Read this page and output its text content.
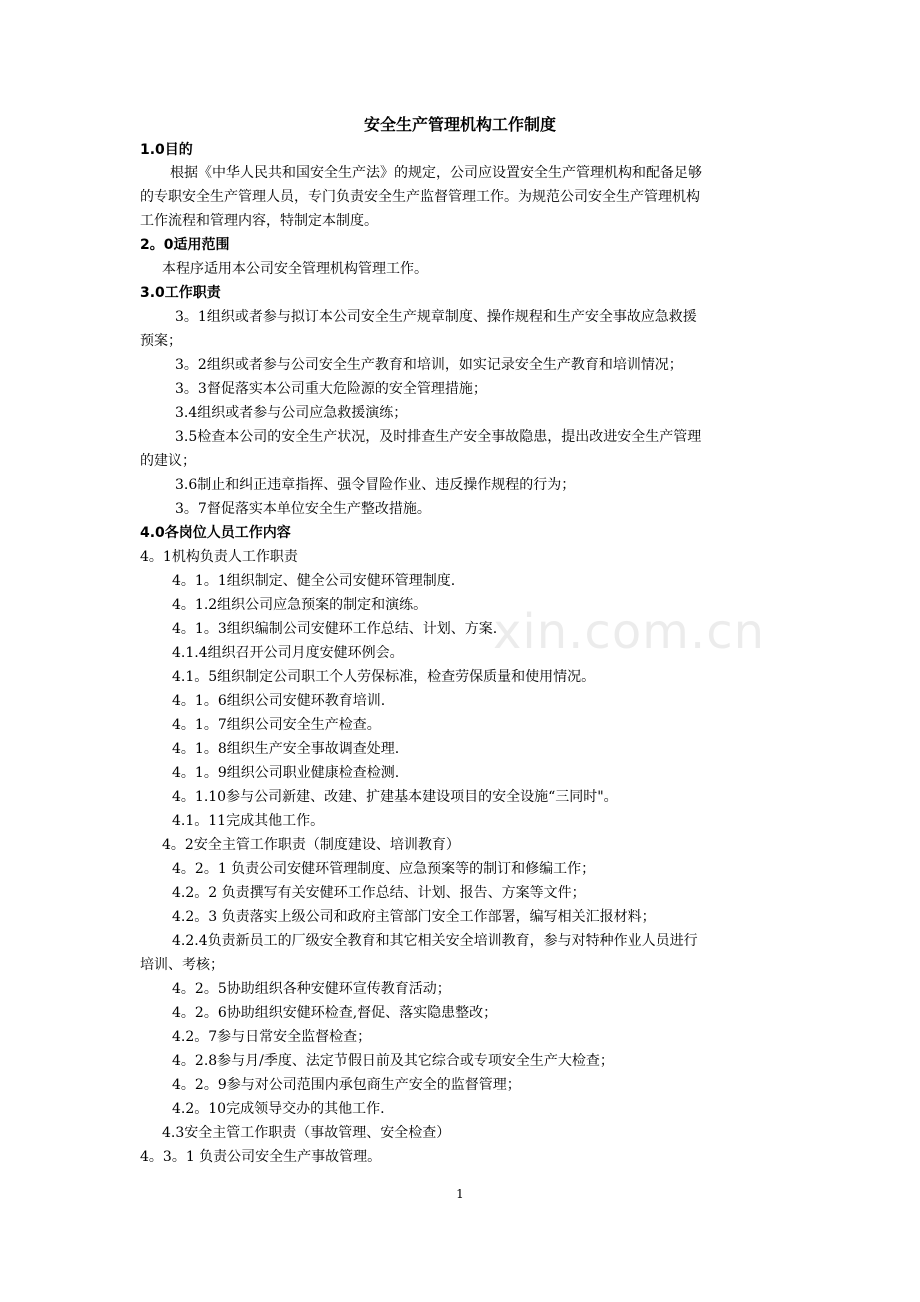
安全生产管理机构工作制度
1.0目的
根据《中华人民共和国安全生产法》的规定，公司应设置安全生产管理机构和配备足够
的专职安全生产管理人员，专门负责安全生产监督管理工作。为规范公司安全生产管理机构
工作流程和管理内容，特制定本制度。
2。0适用范围
本程序适用本公司安全管理机构管理工作。
3.0工作职责
3。1组织或者参与拟订本公司安全生产规章制度、操作规程和生产安全事故应急救援
预案；
3。2组织或者参与公司安全生产教育和培训，如实记录安全生产教育和培训情况；
3。3督促落实本公司重大危险源的安全管理措施；
3.4组织或者参与公司应急救援演练；
3.5检查本公司的安全生产状况，及时排查生产安全事故隐患，提出改进安全生产管理
的建议；
3.6制止和纠正违章指挥、强令冒险作业、违反操作规程的行为；
3。7督促落实本单位安全生产整改措施。
4.0各岗位人员工作内容
4。1机构负责人工作职责
4。1。1组织制定、健全公司安健环管理制度.
4。1.2组织公司应急预案的制定和演练。
4。1。3组织编制公司安健环工作总结、计划、方案.
4.1.4组织召开公司月度安健环例会。
4.1。5组织制定公司职工个人劳保标准，检查劳保质量和使用情况。
4。1。6组织公司安健环教育培训.
4。1。7组织公司安全生产检查。
4。1。8组织生产安全事故调查处理.
4。1。9组织公司职业健康检查检测.
4。1.10参与公司新建、改建、扩建基本建设项目的安全设施“三同时"。
4.1。11完成其他工作。
4。2安全主管工作职责（制度建设、培训教育）
4。2。1 负责公司安健环管理制度、应急预案等的制订和修编工作；
4.2。2 负责撰写有关安健环工作总结、计划、报告、方案等文件；
4.2。3 负责落实上级公司和政府主管部门安全工作部署，编写相关汇报材料；
4.2.4负责新员工的厂级安全教育和其它相关安全培训教育，参与对特种作业人员进行
培训、考核；
4。2。5协助组织各种安健环宣传教育活动；
4。2。6协助组织安健环检查,督促、落实隐患整改；
4.2。7参与日常安全监督检查；
4。2.8参与月/季度、法定节假日前及其它综合或专项安全生产大检查；
4。2。9参与对公司范围内承包商生产安全的监督管理；
4.2。10完成领导交办的其他工作.
4.3安全主管工作职责（事故管理、安全检查）
4。3。1 负责公司安全生产事故管理。
1
xin.com.cn
